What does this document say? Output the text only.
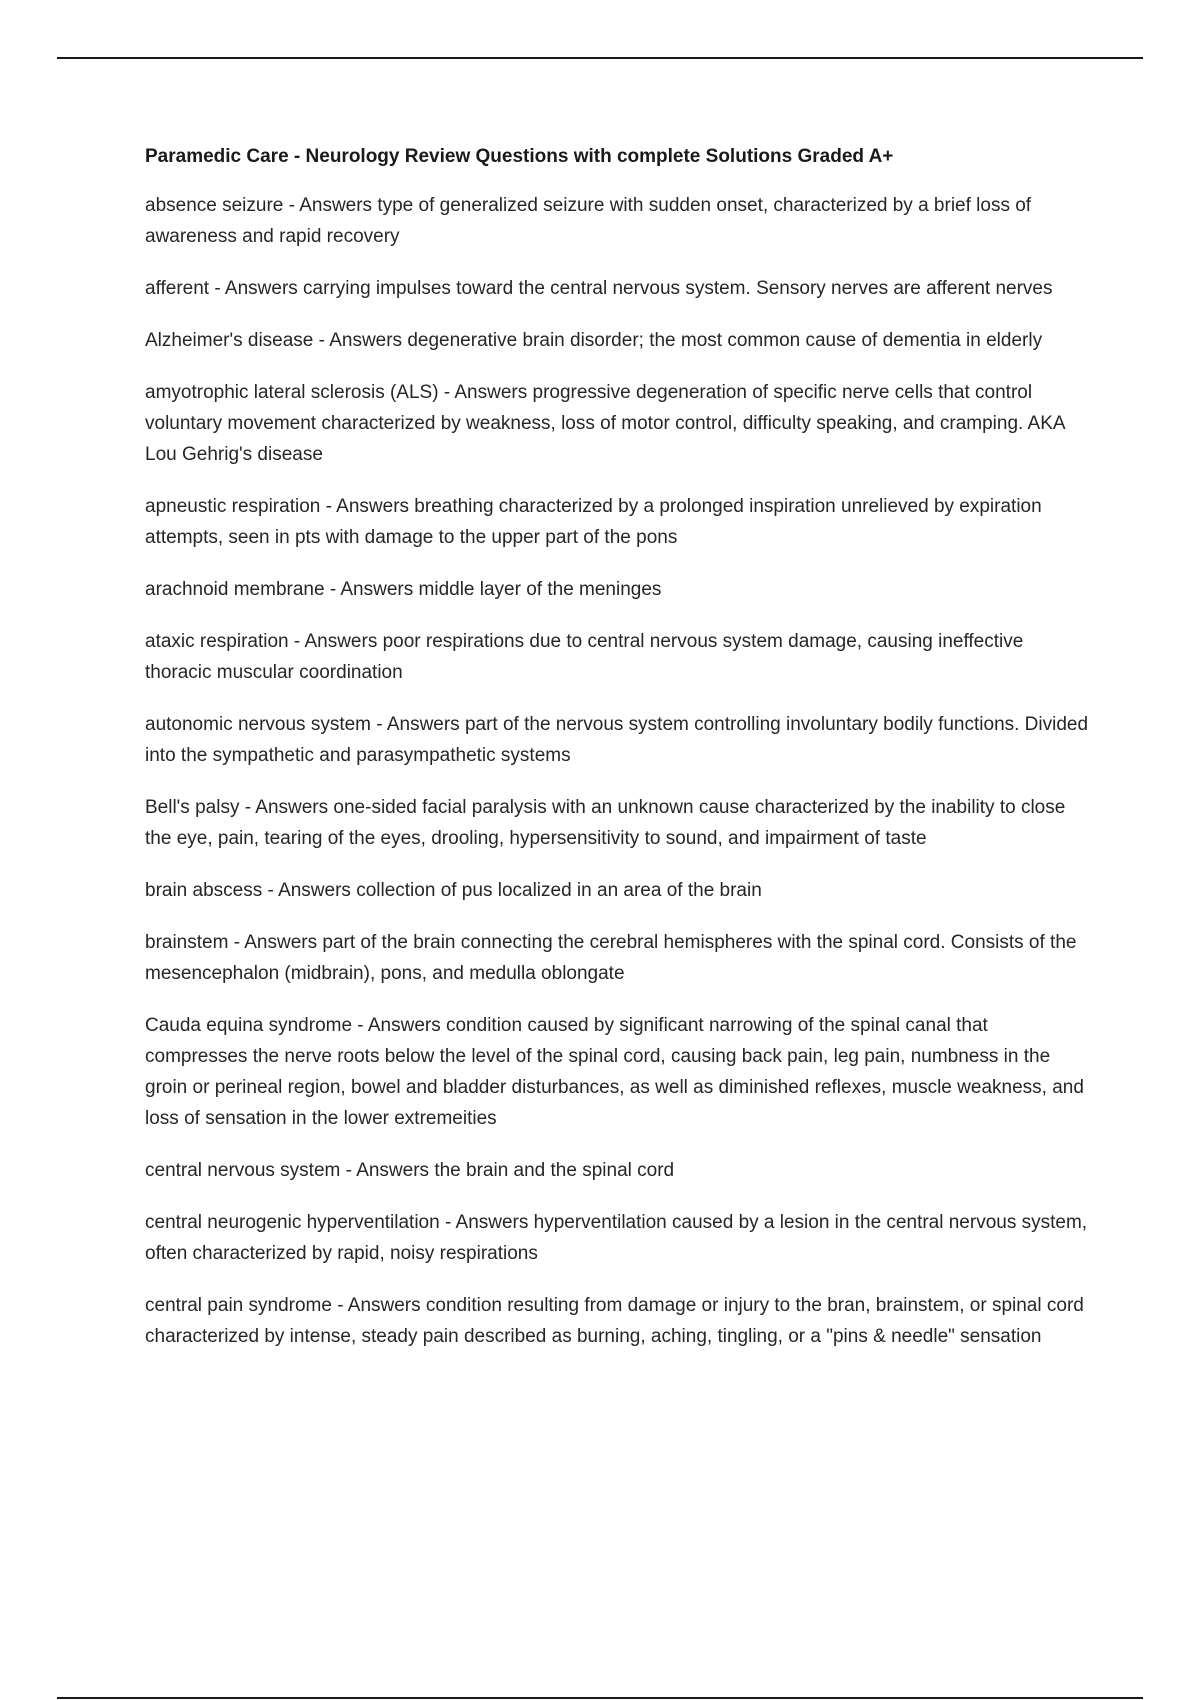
Paramedic Care - Neurology Review Questions with complete Solutions Graded A+

absence seizure - Answers type of generalized seizure with sudden onset, characterized by a brief loss of awareness and rapid recovery

afferent - Answers carrying impulses toward the central nervous system. Sensory nerves are afferent nerves

Alzheimer's disease - Answers degenerative brain disorder; the most common cause of dementia in elderly

amyotrophic lateral sclerosis (ALS) - Answers progressive degeneration of specific nerve cells that control voluntary movement characterized by weakness, loss of motor control, difficulty speaking, and cramping. AKA Lou Gehrig's disease

apneustic respiration - Answers breathing characterized by a prolonged inspiration unrelieved by expiration attempts, seen in pts with damage to the upper part of the pons

arachnoid membrane - Answers middle layer of the meninges

ataxic respiration - Answers poor respirations due to central nervous system damage, causing ineffective thoracic muscular coordination

autonomic nervous system - Answers part of the nervous system controlling involuntary bodily functions. Divided into the sympathetic and parasympathetic systems

Bell's palsy - Answers one-sided facial paralysis with an unknown cause characterized by the inability to close the eye, pain, tearing of the eyes, drooling, hypersensitivity to sound, and impairment of taste

brain abscess - Answers collection of pus localized in an area of the brain

brainstem - Answers part of the brain connecting the cerebral hemispheres with the spinal cord. Consists of the mesencephalon (midbrain), pons, and medulla oblongate

Cauda equina syndrome - Answers condition caused by significant narrowing of the spinal canal that compresses the nerve roots below the level of the spinal cord, causing back pain, leg pain, numbness in the groin or perineal region, bowel and bladder disturbances, as well as diminished reflexes, muscle weakness, and loss of sensation in the lower extremeities

central nervous system - Answers the brain and the spinal cord

central neurogenic hyperventilation - Answers hyperventilation caused by a lesion in the central nervous system, often characterized by rapid, noisy respirations

central pain syndrome - Answers condition resulting from damage or injury to the bran, brainstem, or spinal cord characterized by intense, steady pain described as burning, aching, tingling, or a "pins & needle" sensation
